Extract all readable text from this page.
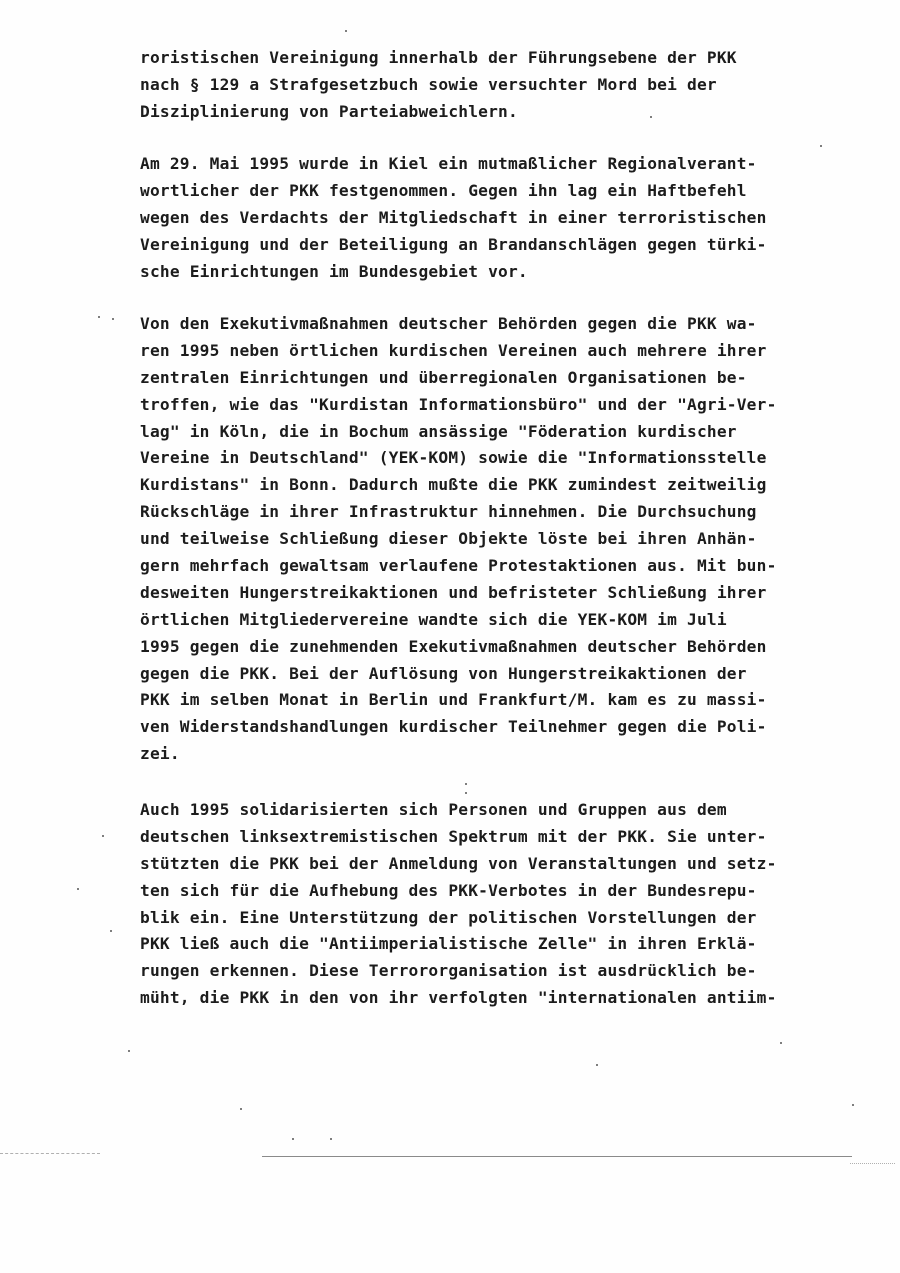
roristischen Vereinigung innerhalb der Führungsebene der PKK
nach § 129 a Strafgesetzbuch sowie versuchter Mord bei der
Disziplinierung von Parteiabweichlern.
Am 29. Mai 1995 wurde in Kiel ein mutmaßlicher Regionalverant-
wortlicher der PKK festgenommen. Gegen ihn lag ein Haftbefehl
wegen des Verdachts der Mitgliedschaft in einer terroristischen
Vereinigung und der Beteiligung an Brandanschlägen gegen türki-
sche Einrichtungen im Bundesgebiet vor.
Von den Exekutivmaßnahmen deutscher Behörden gegen die PKK wa-
ren 1995 neben örtlichen kurdischen Vereinen auch mehrere ihrer
zentralen Einrichtungen und überregionalen Organisationen be-
troffen, wie das "Kurdistan Informationsbüro" und der "Agri-Ver-
lag" in Köln, die in Bochum ansässige "Föderation kurdischer
Vereine in Deutschland" (YEK-KOM) sowie die "Informationsstelle
Kurdistans" in Bonn. Dadurch mußte die PKK zumindest zeitweilig
Rückschläge in ihrer Infrastruktur hinnehmen. Die Durchsuchung
und teilweise Schließung dieser Objekte löste bei ihren Anhän-
gern mehrfach gewaltsam verlaufene Protestaktionen aus. Mit bun-
desweiten Hungerstreikaktionen und befristeter Schließung ihrer
örtlichen Mitgliedervereine wandte sich die YEK-KOM im Juli
1995 gegen die zunehmenden Exekutivmaßnahmen deutscher Behörden
gegen die PKK. Bei der Auflösung von Hungerstreikaktionen der
PKK im selben Monat in Berlin und Frankfurt/M. kam es zu massi-
ven Widerstandshandlungen kurdischer Teilnehmer gegen die Poli-
zei.
Auch 1995 solidarisierten sich Personen und Gruppen aus dem
deutschen linksextremistischen Spektrum mit der PKK. Sie unter-
stützten die PKK bei der Anmeldung von Veranstaltungen und setz-
ten sich für die Aufhebung des PKK-Verbotes in der Bundesrepu-
blik ein. Eine Unterstützung der politischen Vorstellungen der
PKK ließ auch die "Antiimperialistische Zelle" in ihren Erklä-
rungen erkennen. Diese Terrororganisation ist ausdrücklich be-
müht, die PKK in den von ihr verfolgten "internationalen antiim-
